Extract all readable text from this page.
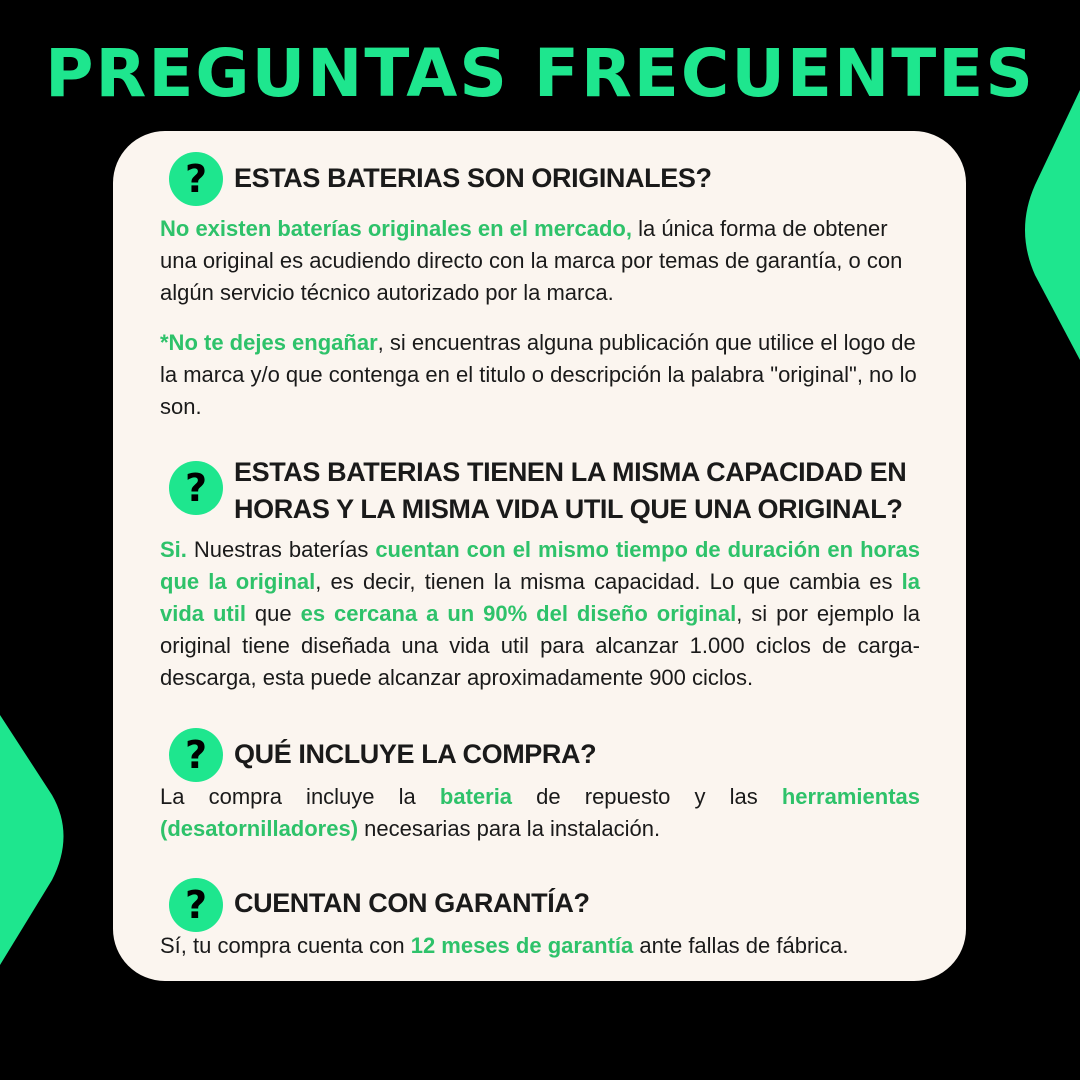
PREGUNTAS FRECUENTES
? ESTAS BATERIAS SON ORIGINALES?

No existen baterías originales en el mercado, la única forma de obtener una original es acudiendo directo con la marca por temas de garantía, o con algún servicio técnico autorizado por la marca.

*No te dejes engañar, si encuentras alguna publicación que utilice el logo de la marca y/o que contenga en el titulo o descripción la palabra "original", no lo son.

? ESTAS BATERIAS TIENEN LA MISMA CAPACIDAD EN
HORAS Y LA MISMA VIDA UTIL QUE UNA ORIGINAL?

Si. Nuestras baterías cuentan con el mismo tiempo de duración en horas que la original, es decir, tienen la misma capacidad. Lo que cambia es la vida util que es cercana a un 90% del diseño original, si por ejemplo la original tiene diseñada una vida util para alcanzar 1.000 ciclos de carga-descarga, esta puede alcanzar aproximadamente 900 ciclos.

? QUÉ INCLUYE LA COMPRA?

La compra incluye la bateria de repuesto y las herramientas (desatornilladores) necesarias para la instalación.

? CUENTAN CON GARANTÍA?

Sí, tu compra cuenta con 12 meses de garantía ante fallas de fábrica.
